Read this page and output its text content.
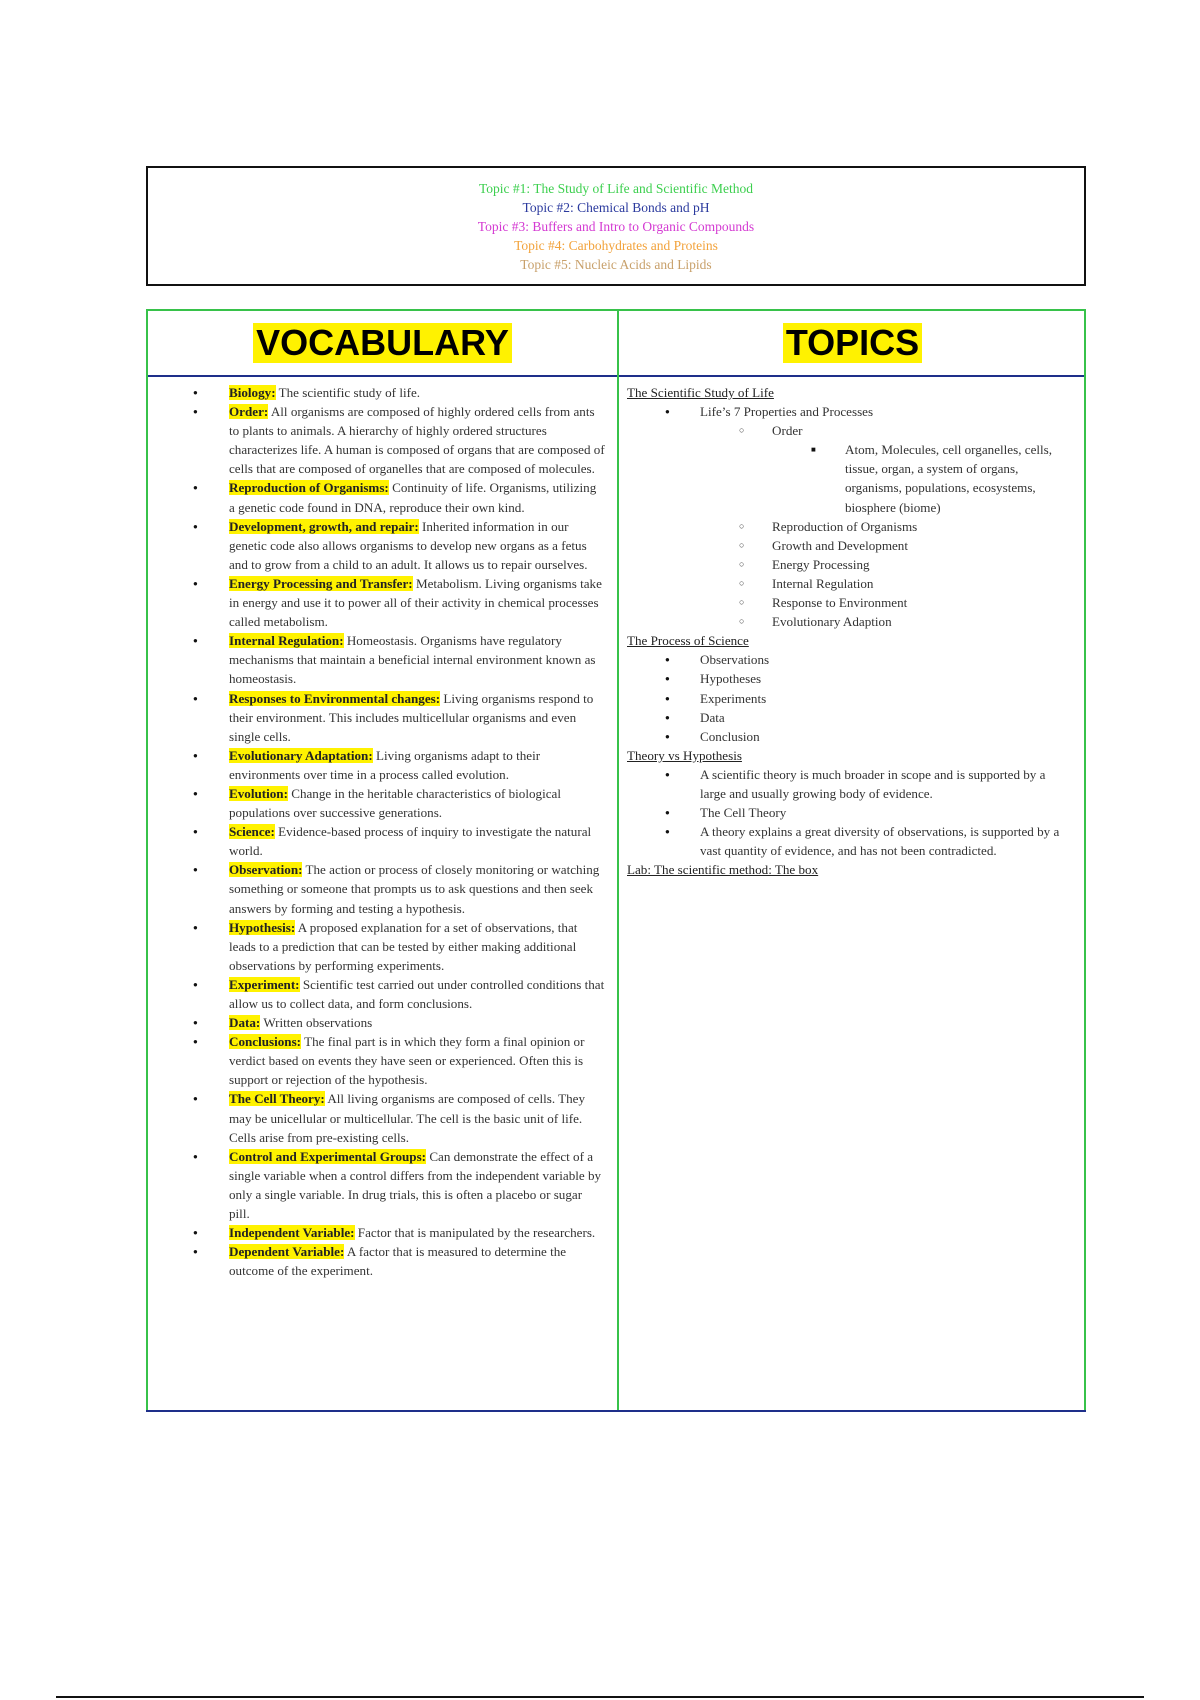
Topic #1: The Study of Life and Scientific Method
Topic #2: Chemical Bonds and pH
Topic #3: Buffers and Intro to Organic Compounds
Topic #4: Carbohydrates and Proteins
Topic #5: Nucleic Acids and Lipids
VOCABULARY	TOPICS
● Biology: The scientific study of life.
● Order: All organisms are composed of highly ordered cells from ants to plants to animals. A hierarchy of highly ordered structures characterizes life. A human is composed of organs that are composed of cells that are composed of organelles that are composed of molecules.
● Reproduction of Organisms: Continuity of life. Organisms, utilizing a genetic code found in DNA, reproduce their own kind.
● Development, growth, and repair: Inherited information in our genetic code also allows organisms to develop new organs as a fetus and to grow from a child to an adult. It allows us to repair ourselves.
● Energy Processing and Transfer: Metabolism. Living organisms take in energy and use it to power all of their activity in chemical processes called metabolism.
● Internal Regulation: Homeostasis. Organisms have regulatory mechanisms that maintain a beneficial internal environment known as homeostasis.
● Responses to Environmental changes: Living organisms respond to their environment. This includes multicellular organisms and even single cells.
● Evolutionary Adaptation: Living organisms adapt to their environments over time in a process called evolution.
● Evolution: Change in the heritable characteristics of biological populations over successive generations.
● Science: Evidence-based process of inquiry to investigate the natural world.
● Observation: The action or process of closely monitoring or watching something or someone that prompts us to ask questions and then seek answers by forming and testing a hypothesis.
● Hypothesis: A proposed explanation for a set of observations, that leads to a prediction that can be tested by either making additional observations by performing experiments.
● Experiment: Scientific test carried out under controlled conditions that allow us to collect data, and form conclusions.
● Data: Written observations
● Conclusions: The final part is in which they form a final opinion or verdict based on events they have seen or experienced. Often this is support or rejection of the hypothesis.
● The Cell Theory: All living organisms are composed of cells. They may be unicellular or multicellular. The cell is the basic unit of life. Cells arise from pre-existing cells.
● Control and Experimental Groups: Can demonstrate the effect of a single variable when a control differs from the independent variable by only a single variable. In drug trials, this is often a placebo or sugar pill.
● Independent Variable: Factor that is manipulated by the researchers.
● Dependent Variable: A factor that is measured to determine the outcome of the experiment.
The Scientific Study of Life
● Life’s 7 Properties and Processes
○ Order
■ Atom, Molecules, cell organelles, cells, tissue, organ, a system of organs, organisms, populations, ecosystems, biosphere (biome)
○ Reproduction of Organisms
○ Growth and Development
○ Energy Processing
○ Internal Regulation
○ Response to Environment
○ Evolutionary Adaption
The Process of Science
● Observations
● Hypotheses
● Experiments
● Data
● Conclusion
Theory vs Hypothesis
● A scientific theory is much broader in scope and is supported by a large and usually growing body of evidence.
● The Cell Theory
● A theory explains a great diversity of observations, is supported by a vast quantity of evidence, and has not been contradicted.
Lab: The scientific method: The box
